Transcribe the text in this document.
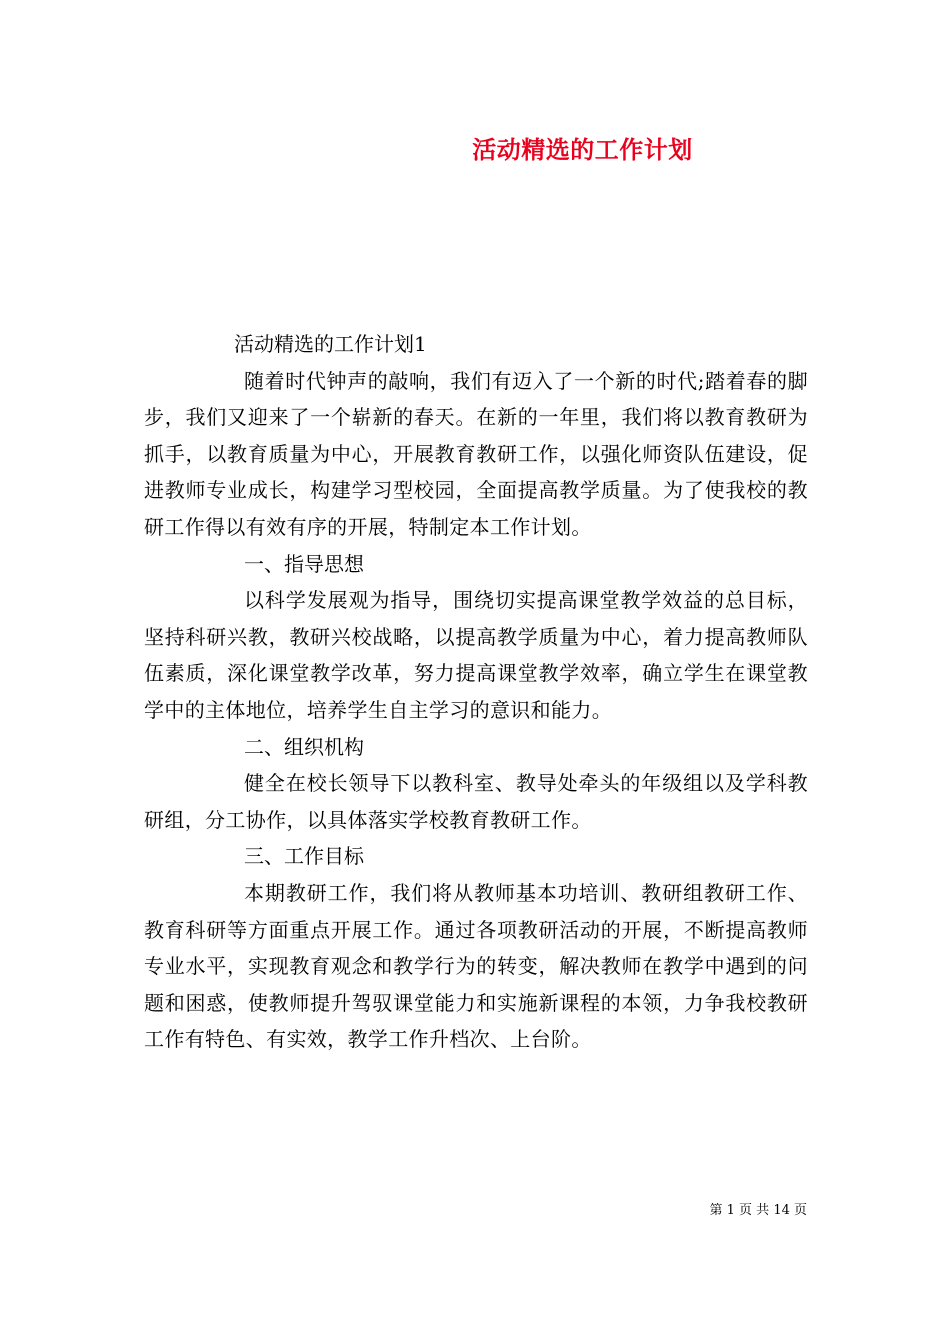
活动精选的工作计划

活动精选的工作计划1

随着时代钟声的敲响，我们有迈入了一个新的时代;踏着春的脚步，我们又迎来了一个崭新的春天。在新的一年里，我们将以教育教研为抓手，以教育质量为中心，开展教育教研工作，以强化师资队伍建设，促进教师专业成长，构建学习型校园，全面提高教学质量。为了使我校的教研工作得以有效有序的开展，特制定本工作计划。

一、指导思想

以科学发展观为指导，围绕切实提高课堂教学效益的总目标，坚持科研兴教，教研兴校战略，以提高教学质量为中心，着力提高教师队伍素质，深化课堂教学改革，努力提高课堂教学效率，确立学生在课堂教学中的主体地位，培养学生自主学习的意识和能力。

二、组织机构

健全在校长领导下以教科室、教导处牵头的年级组以及学科教研组，分工协作，以具体落实学校教育教研工作。

三、工作目标

本期教研工作，我们将从教师基本功培训、教研组教研工作、教育科研等方面重点开展工作。通过各项教研活动的开展，不断提高教师专业水平，实现教育观念和教学行为的转变，解决教师在教学中遇到的问题和困惑，使教师提升驾驭课堂能力和实施新课程的本领，力争我校教研工作有特色、有实效，教学工作升档次、上台阶。

第 1 页 共 14 页
